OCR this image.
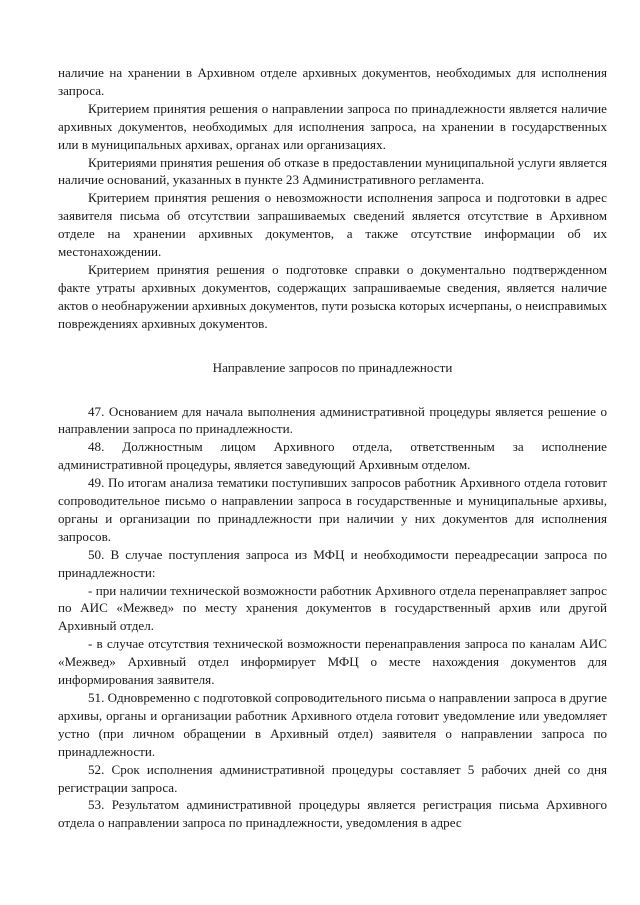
наличие на хранении в Архивном отделе архивных документов, необходимых для исполнения запроса.

Критерием принятия решения о направлении запроса по принадлежности является наличие архивных документов, необходимых для исполнения запроса, на хранении в государственных или в муниципальных архивах, органах или организациях.

Критериями принятия решения об отказе в предоставлении муниципальной услуги является наличие оснований, указанных в пункте 23 Административного регламента.

Критерием принятия решения о невозможности исполнения запроса и подготовки в адрес заявителя письма об отсутствии запрашиваемых сведений является отсутствие в Архивном отделе на хранении архивных документов, а также отсутствие информации об их местонахождении.

Критерием принятия решения о подготовке справки о документально подтвержденном факте утраты архивных документов, содержащих запрашиваемые сведения, является наличие актов о необнаружении архивных документов, пути розыска которых исчерпаны, о неисправимых повреждениях архивных документов.

Направление запросов по принадлежности

47. Основанием для начала выполнения административной процедуры является решение о направлении запроса по принадлежности.

48. Должностным лицом Архивного отдела, ответственным за исполнение административной процедуры, является заведующий Архивным отделом.

49. По итогам анализа тематики поступивших запросов работник Архивного отдела готовит сопроводительное письмо о направлении запроса в государственные и муниципальные архивы, органы и организации по принадлежности при наличии у них документов для исполнения запросов.

50. В случае поступления запроса из МФЦ и необходимости переадресации запроса по принадлежности:

- при наличии технической возможности работник Архивного отдела перенаправляет запрос по АИС «Межвед» по месту хранения документов в государственный архив или другой Архивный отдел.

- в случае отсутствия технической возможности перенаправления запроса по каналам АИС «Межвед» Архивный отдел информирует МФЦ о месте нахождения документов для информирования заявителя.

51. Одновременно с подготовкой сопроводительного письма о направлении запроса в другие архивы, органы и организации работник Архивного отдела готовит уведомление или уведомляет устно (при личном обращении в Архивный отдел) заявителя о направлении запроса по принадлежности.

52. Срок исполнения административной процедуры составляет 5 рабочих дней со дня регистрации запроса.

53. Результатом административной процедуры является регистрация письма Архивного отдела о направлении запроса по принадлежности, уведомления в адрес
